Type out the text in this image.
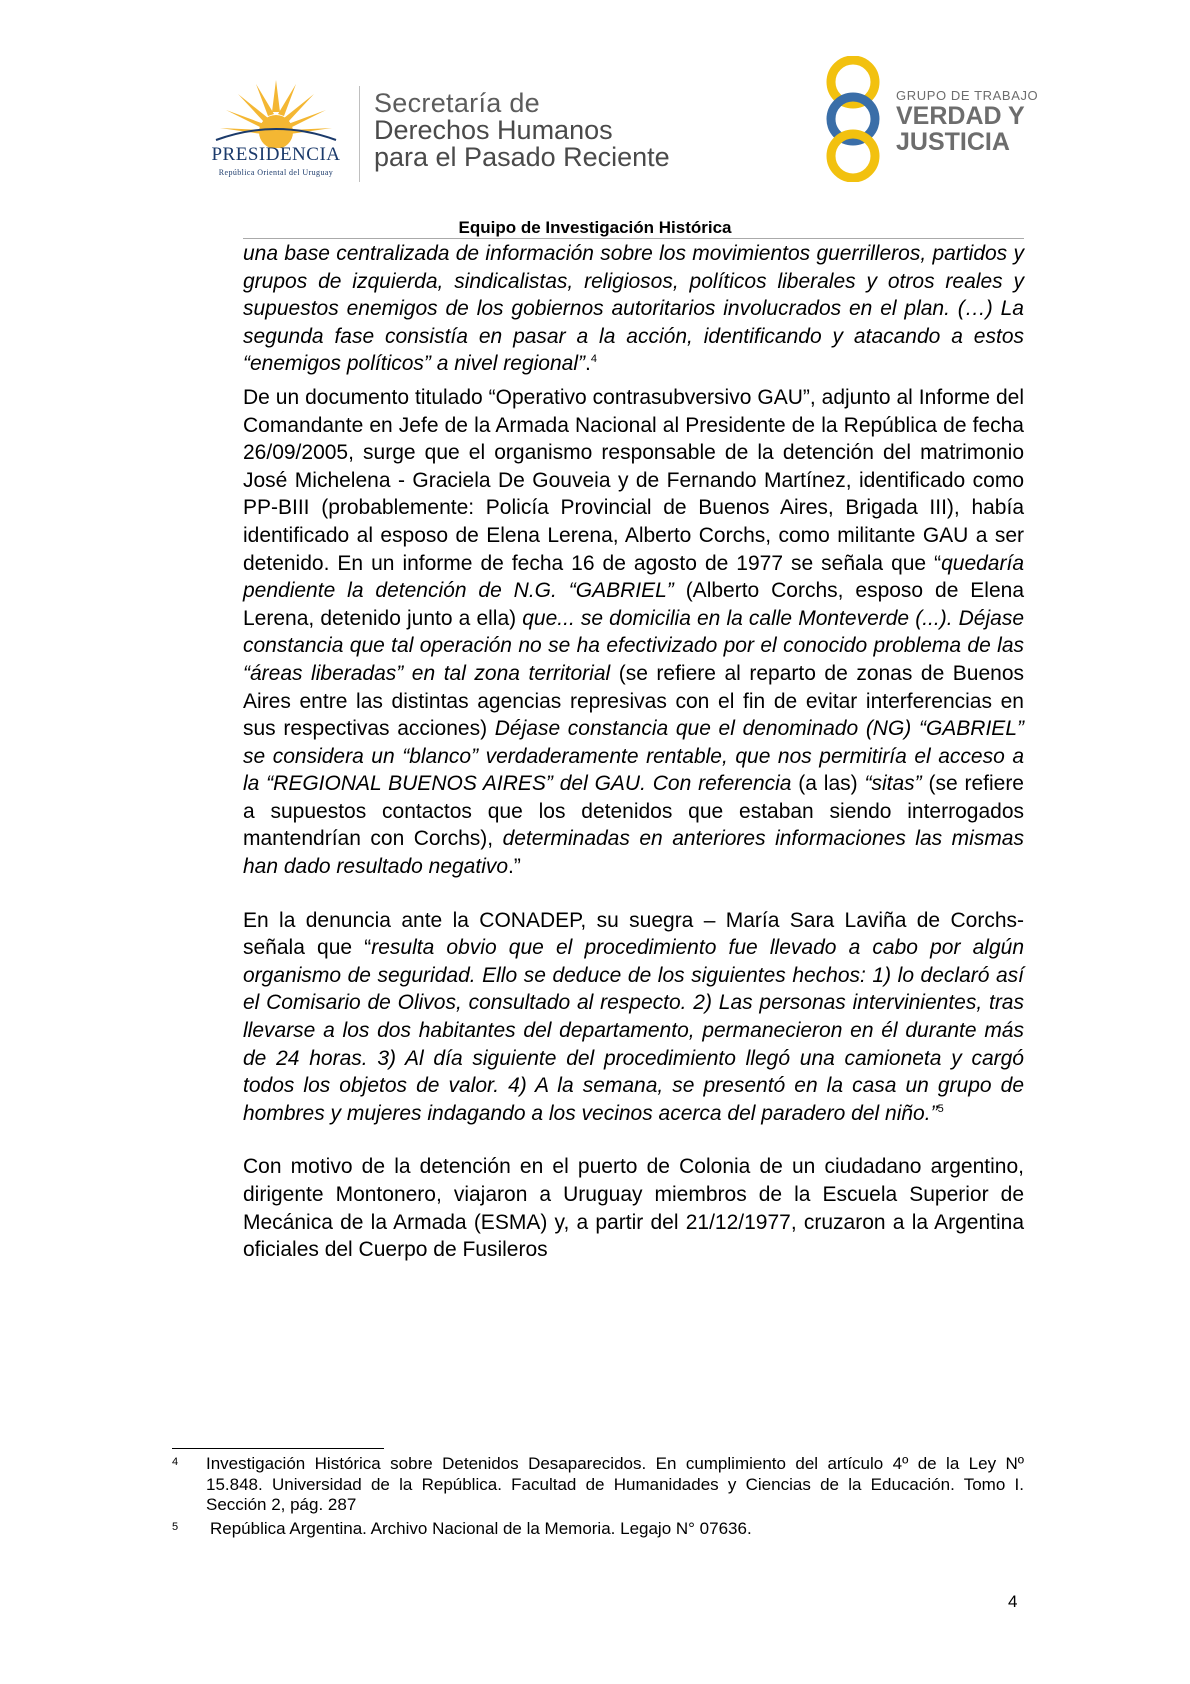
PRESIDENCIA
República Oriental del Uruguay
Secretaría de
Derechos Humanos
para el Pasado Reciente
GRUPO DE TRABAJO
VERDAD Y
JUSTICIA
Equipo de Investigación Histórica

una base centralizada de información sobre los movimientos guerrilleros, partidos y grupos de izquierda, sindicalistas, religiosos, políticos liberales y otros reales y supuestos enemigos de los gobiernos autoritarios involucrados en el plan. (…) La segunda fase consistía en pasar a la acción, identificando y atacando a estos “enemigos políticos” a nivel regional”.$^4$

De un documento titulado “Operativo contrasubversivo GAU”, adjunto al Informe del Comandante en Jefe de la Armada Nacional al Presidente de la República de fecha 26/09/2005, surge que el organismo responsable de la detención del matrimonio José Michelena - Graciela De Gouveia y de Fernando Martínez, identificado como PP-BIII (probablemente: Policía Provincial de Buenos Aires, Brigada III), había identificado al esposo de Elena Lerena, Alberto Corchs, como militante GAU a ser detenido. En un informe de fecha 16 de agosto de 1977 se señala que “quedaría pendiente la detención de N.G. “GABRIEL” (Alberto Corchs, esposo de Elena Lerena, detenido junto a ella) que... se domicilia en la calle Monteverde (...). Déjase constancia que tal operación no se ha efectivizado por el conocido problema de las “áreas liberadas” en tal zona territorial (se refiere al reparto de zonas de Buenos Aires entre las distintas agencias represivas con el fin de evitar interferencias en sus respectivas acciones) Déjase constancia que el denominado (NG) “GABRIEL” se considera un “blanco” verdaderamente rentable, que nos permitiría el acceso a la “REGIONAL BUENOS AIRES” del GAU. Con referencia (a las) “sitas” (se refiere a supuestos contactos que los detenidos que estaban siendo interrogados mantendrían con Corchs), determinadas en anteriores informaciones las mismas han dado resultado negativo.”

En la denuncia ante la CONADEP, su suegra – María Sara Laviña de Corchs- señala que “resulta obvio que el procedimiento fue llevado a cabo por algún organismo de seguridad. Ello se deduce de los siguientes hechos: 1) lo declaró así el Comisario de Olivos, consultado al respecto. 2) Las personas intervinientes, tras llevarse a los dos habitantes del departamento, permanecieron en él durante más de 24 horas. 3) Al día siguiente del procedimiento llegó una camioneta y cargó todos los objetos de valor. 4) A la semana, se presentó en la casa un grupo de hombres y mujeres indagando a los vecinos acerca del paradero del niño.”$^5$

Con motivo de la detención en el puerto de Colonia de un ciudadano argentino, dirigente Montonero, viajaron a Uruguay miembros de la Escuela Superior de Mecánica de la Armada (ESMA) y, a partir del 21/12/1977, cruzaron a la Argentina oficiales del Cuerpo de Fusileros

4 Investigación Histórica sobre Detenidos Desaparecidos. En cumplimiento del artículo 4º de la Ley Nº 15.848. Universidad de la República. Facultad de Humanidades y Ciencias de la Educación. Tomo I. Sección 2, pág. 287
5 República Argentina. Archivo Nacional de la Memoria. Legajo N° 07636.
4
